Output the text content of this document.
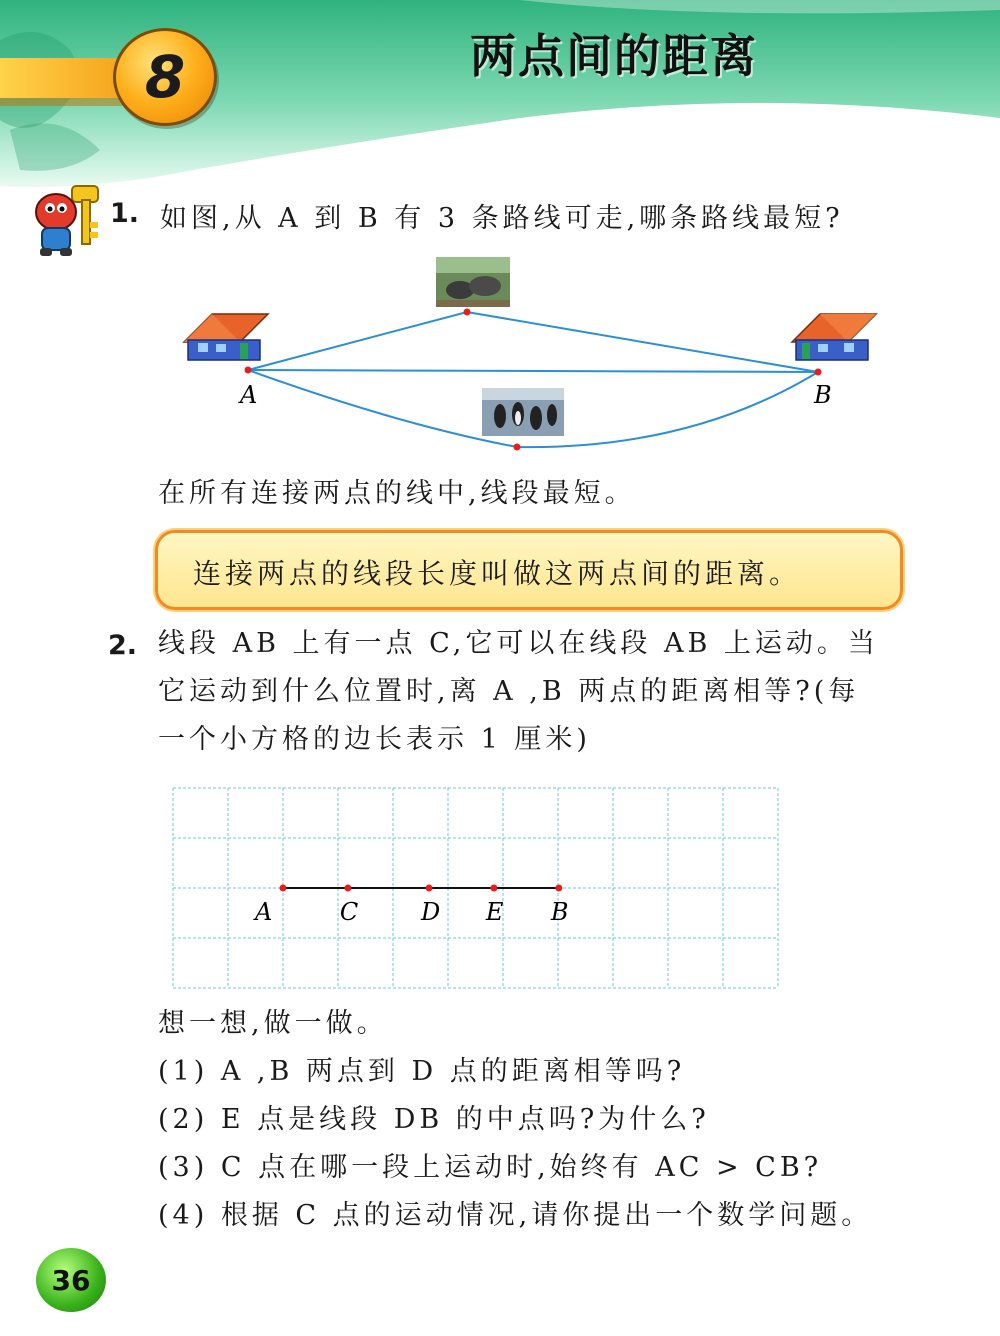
8	两点间的距离
1. 如图,从 A 到 B 有 3 条路线可走,哪条路线最短?
A	B
在所有连接两点的线中,线段最短。
连接两点的线段长度叫做这两点间的距离。
2. 线段 AB 上有一点 C,它可以在线段 AB 上运动。当
它运动到什么位置时,离 A ,B 两点的距离相等?(每
一个小方格的边长表示 1 厘米)
A	C	D E B
想一想,做一做。
(1) A ,B 两点到 D 点的距离相等吗?
(2) E 点是线段 DB 的中点吗?为什么?
(3) C 点在哪一段上运动时,始终有 AC > CB?
(4) 根据 C 点的运动情况,请你提出一个数学问题。
36
